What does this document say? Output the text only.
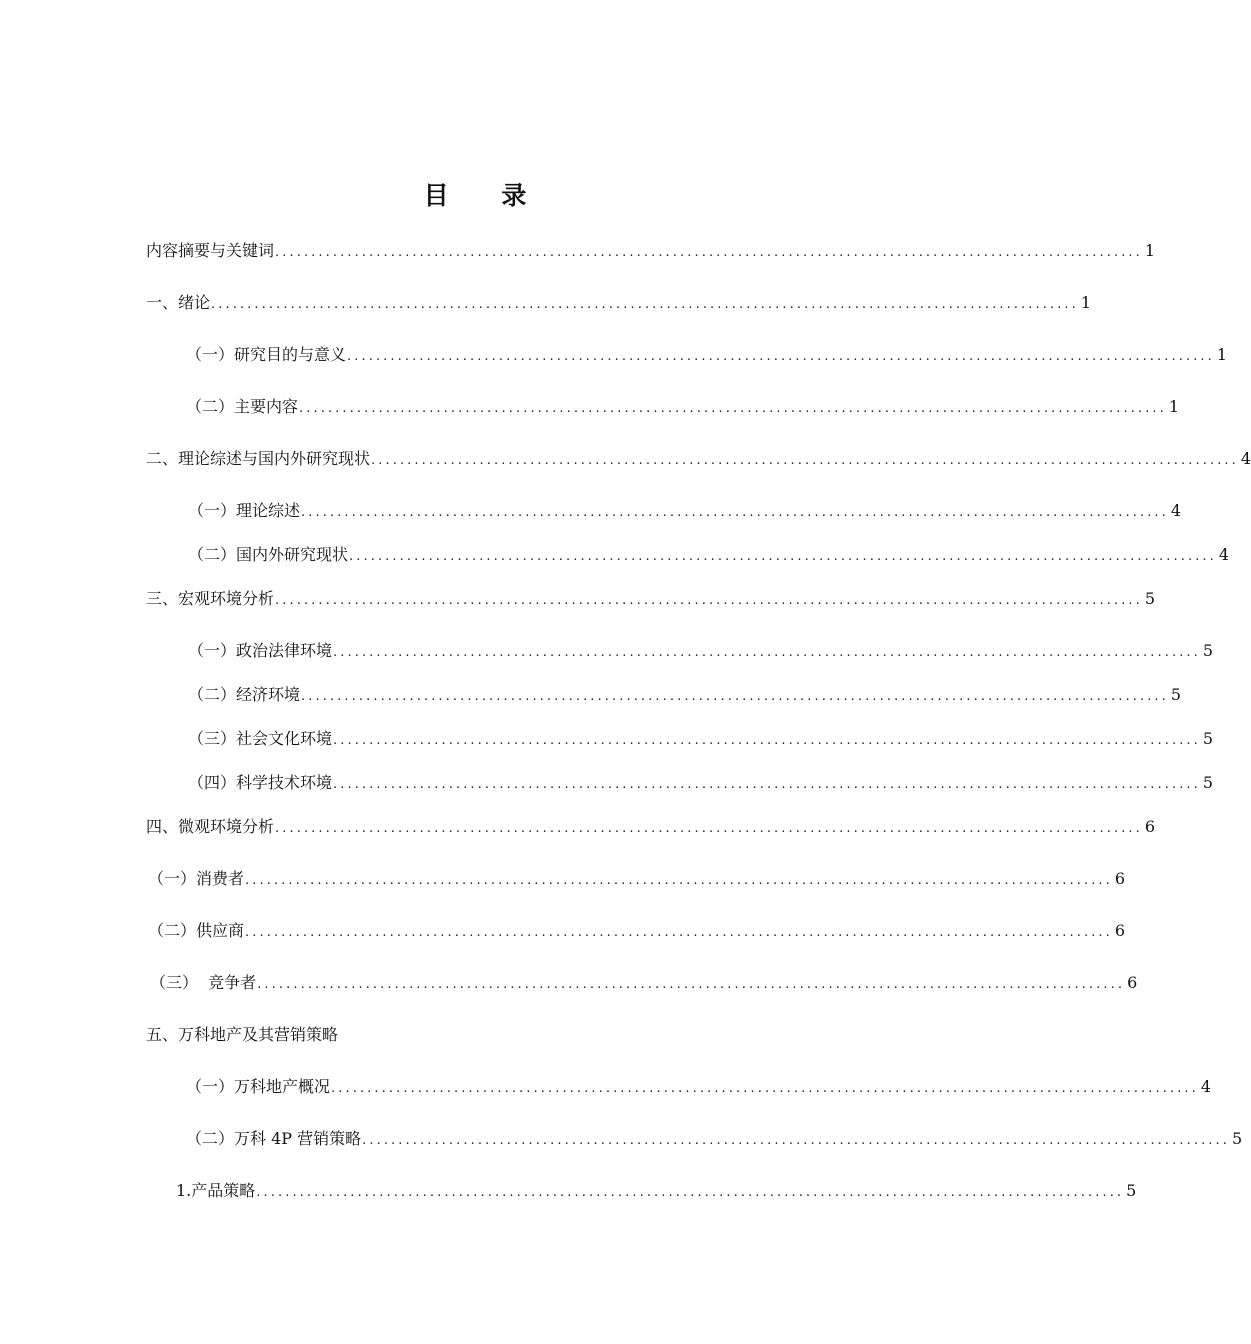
目 录
内容摘要与关键词 ........................................................................................................................ 1
一、绪论 ........................................................................................................................ 1
（一）研究目的与意义 ........................................................................................................................ 1
（二）主要内容 ........................................................................................................................ 1
二、理论综述与国内外研究现状 ........................................................................................................................ 4
（一）理论综述 ........................................................................................................................ 4
（二）国内外研究现状 ........................................................................................................................ 4
三、宏观环境分析 ........................................................................................................................ 5
（一）政治法律环境 ........................................................................................................................ 5
（二）经济环境 ........................................................................................................................ 5
（三）社会文化环境 ........................................................................................................................ 5
（四）科学技术环境 ........................................................................................................................ 5
四、微观环境分析 ........................................................................................................................ 6
（一）消费者 ........................................................................................................................ 6
（二）供应商 ........................................................................................................................ 6
（三）  竞争者 ........................................................................................................................ 6
五、万科地产及其营销策略
（一）万科地产概况 ........................................................................................................................ 4
（二）万科 4P 营销策略 ........................................................................................................................ 5
1.产品策略 ........................................................................................................................ 5
